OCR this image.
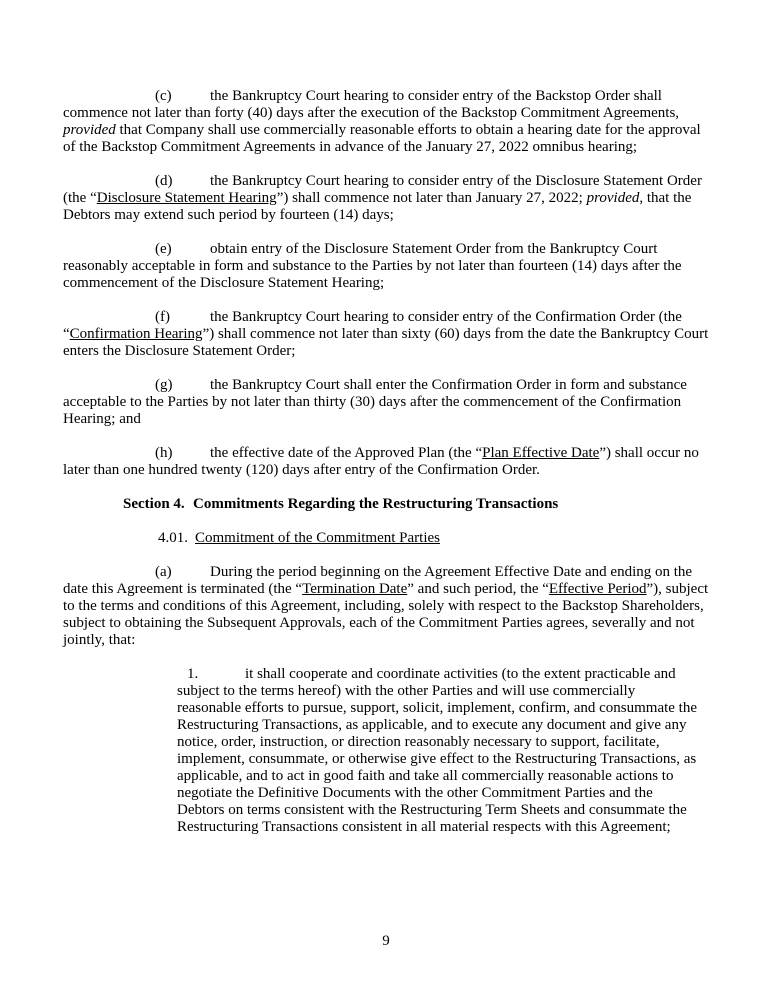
(c)	the Bankruptcy Court hearing to consider entry of the Backstop Order shall commence not later than forty (40) days after the execution of the Backstop Commitment Agreements, provided that Company shall use commercially reasonable efforts to obtain a hearing date for the approval of the Backstop Commitment Agreements in advance of the January 27, 2022 omnibus hearing;

(d)	the Bankruptcy Court hearing to consider entry of the Disclosure Statement Order (the “Disclosure Statement Hearing”) shall commence not later than January 27, 2022; provided, that the Debtors may extend such period by fourteen (14) days;

(e)	obtain entry of the Disclosure Statement Order from the Bankruptcy Court reasonably acceptable in form and substance to the Parties by not later than fourteen (14) days after the commencement of the Disclosure Statement Hearing;

(f)	the Bankruptcy Court hearing to consider entry of the Confirmation Order (the “Confirmation Hearing”) shall commence not later than sixty (60) days from the date the Bankruptcy Court enters the Disclosure Statement Order;

(g)	the Bankruptcy Court shall enter the Confirmation Order in form and substance acceptable to the Parties by not later than thirty (30) days after the commencement of the Confirmation Hearing; and

(h)	the effective date of the Approved Plan (the “Plan Effective Date”) shall occur no later than one hundred twenty (120) days after entry of the Confirmation Order.

Section 4. Commitments Regarding the Restructuring Transactions

4.01. Commitment of the Commitment Parties

(a)	During the period beginning on the Agreement Effective Date and ending on the date this Agreement is terminated (the “Termination Date” and such period, the “Effective Period”), subject to the terms and conditions of this Agreement, including, solely with respect to the Backstop Shareholders, subject to obtaining the Subsequent Approvals, each of the Commitment Parties agrees, severally and not jointly, that:

1.	it shall cooperate and coordinate activities (to the extent practicable and subject to the terms hereof) with the other Parties and will use commercially reasonable efforts to pursue, support, solicit, implement, confirm, and consummate the Restructuring Transactions, as applicable, and to execute any document and give any notice, order, instruction, or direction reasonably necessary to support, facilitate, implement, consummate, or otherwise give effect to the Restructuring Transactions, as applicable, and to act in good faith and take all commercially reasonable actions to negotiate the Definitive Documents with the other Commitment Parties and the Debtors on terms consistent with the Restructuring Term Sheets and consummate the Restructuring Transactions consistent in all material respects with this Agreement;

9
